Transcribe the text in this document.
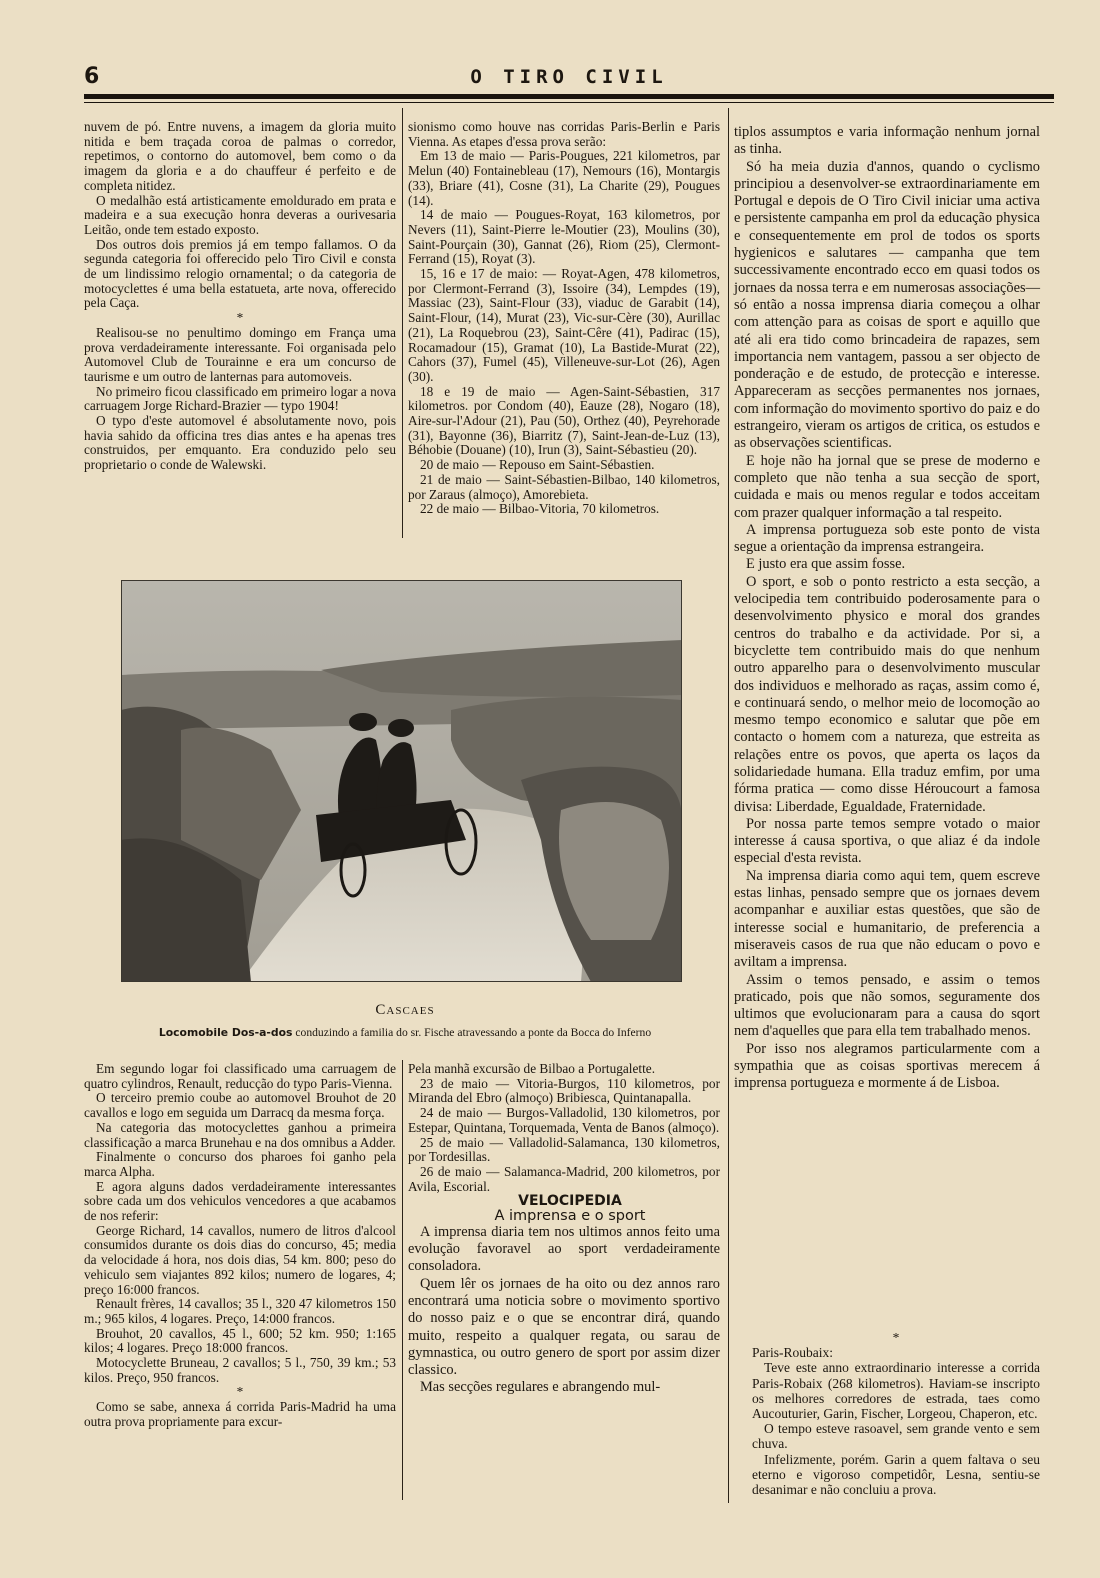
6	O TIRO CIVIL

nuvem de pó. Entre nuvens, a imagem da gloria muito nitida e bem traçada coroa de palmas o corredor, repetimos, o contorno do automovel, bem como o da imagem da gloria e a do chauffeur é perfeito e de completa nitidez.

O medalhão está artisticamente emoldurado em prata e madeira e a sua execução honra deveras a ourivesaria Leitão, onde tem estado exposto.

Dos outros dois premios já em tempo fallamos. O da segunda categoria foi offerecido pelo Tiro Civil e consta de um lindissimo relogio ornamental; o da categoria de motocyclettes é uma bella estatueta, arte nova, offerecido pela Caça.

*

Realisou-se no penultimo domingo em França uma prova verdadeiramente interessante. Foi organisada pelo Automovel Club de Tourainne e era um concurso de taurisme e um outro de lanternas para automoveis.

No primeiro ficou classificado em primeiro logar a nova carruagem Jorge Richard-Brazier — typo 1904!

O typo d'este automovel é absolutamente novo, pois havia sahido da officina tres dias antes e ha apenas tres construidos, per emquanto. Era conduzido pelo seu proprietario o conde de Walewski.

sionismo como houve nas corridas Paris-Berlin e Paris Vienna. As etapes d'essa prova serão:

Em 13 de maio — Paris-Pougues, 221 kilometros, par Melun (40) Fontainebleau (17), Nemours (16), Montargis (33), Briare (41), Cosne (31), La Charite (29), Pougues (14).

14 de maio — Pougues-Royat, 163 kilometros, por Nevers (11), Saint-Pierre le-Moutier (23), Moulins (30), Saint-Pourçain (30), Gannat (26), Riom (25), Clermont-Ferrand (15), Royat (3).

15, 16 e 17 de maio: — Royat-Agen, 478 kilometros, por Clermont-Ferrand (3), Issoire (34), Lempdes (19), Massiac (23), Saint-Flour (33), viaduc de Garabit (14), Saint-Flour, (14), Murat (23), Vic-sur-Cère (30), Aurillac (21), La Roquebrou (23), Saint-Cêre (41), Padirac (15), Rocamadour (15), Gramat (10), La Bastide-Murat (22), Cahors (37), Fumel (45), Villeneuve-sur-Lot (26), Agen (30).

18 e 19 de maio — Agen-Saint-Sébastien, 317 kilometros. por Condom (40), Eauze (28), Nogaro (18), Aire-sur-l'Adour (21), Pau (50), Orthez (40), Peyrehorade (31), Bayonne (36), Biarritz (7), Saint-Jean-de-Luz (13), Béhobie (Douane) (10), Irun (3), Saint-Sébastieu (20).

20 de maio — Repouso em Saint-Sébastien.

21 de maio — Saint-Sébastien-Bilbao, 140 kilometros, por Zaraus (almoço), Amorebieta.

22 de maio — Bilbao-Vitoria, 70 kilometros.

tiplos assumptos e varia informação nenhum jornal as tinha.

Só ha meia duzia d'annos, quando o cyclismo principiou a desenvolver-se extraordinariamente em Portugal e depois de O Tiro Civil iniciar uma activa e persistente campanha em prol da educação physica e consequentemente em prol de todos os sports hygienicos e salutares — campanha que tem successivamente encontrado ecco em quasi todos os jornaes da nossa terra e em numerosas associações—só então a nossa imprensa diaria começou a olhar com attenção para as coisas de sport e aquillo que até ali era tido como brincadeira de rapazes, sem importancia nem vantagem, passou a ser objecto de ponderação e de estudo, de protecção e interesse. Appareceram as secções permanentes nos jornaes, com informação do movimento sportivo do paiz e do estrangeiro, vieram os artigos de critica, os estudos e as observações scientificas.

E hoje não ha jornal que se prese de moderno e completo que não tenha a sua secção de sport, cuidada e mais ou menos regular e todos acceitam com prazer qualquer informação a tal respeito.

A imprensa portugueza sob este ponto de vista segue a orientação da imprensa estrangeira.

E justo era que assim fosse.

O sport, e sob o ponto restricto a esta secção, a velocipedia tem contribuido poderosamente para o desenvolvimento physico e moral dos grandes centros do trabalho e da actividade. Por si, a bicyclette tem contribuido mais do que nenhum outro apparelho para o desenvolvimento muscular dos individuos e melhorado as raças, assim como é, e continuará sendo, o melhor meio de locomoção ao mesmo tempo economico e salutar que põe em contacto o homem com a natureza, que estreita as relações entre os povos, que aperta os laços da solidariedade humana. Ella traduz emfim, por uma fórma pratica — como disse Héroucourt a famosa divisa: Liberdade, Egualdade, Fraternidade.

Por nossa parte temos sempre votado o maior interesse á causa sportiva, o que aliaz é da indole especial d'esta revista.

Na imprensa diaria como aqui tem, quem escreve estas linhas, pensado sempre que os jornaes devem acompanhar e auxiliar estas questões, que são de interesse social e humanitario, de preferencia a miseraveis casos de rua que não educam o povo e aviltam a imprensa.

Assim o temos pensado, e assim o temos praticado, pois que não somos, seguramente dos ultimos que evolucionaram para a causa do sqort nem d'aquelles que para ella tem trabalhado menos.

Por isso nos alegramos particularmente com a sympathia que as coisas sportivas merecem á imprensa portugueza e mormente á de Lisboa.

*

Paris-Roubaix:

Teve este anno extraordinario interesse a corrida Paris-Robaix (268 kilometros). Haviam-se inscripto os melhores corredores de estrada, taes como Aucouturier, Garin, Fischer, Lorgeou, Chaperon, etc.

O tempo esteve rasoavel, sem grande vento e sem chuva.

Infelizmente, porém. Garin a quem faltava o seu eterno e vigoroso competidôr, Lesna, sentiu-se desanimar e não concluiu a prova.

Cascaes
Locomobile Dos-a-dos conduzindo a familia do sr. Fische atravessando a ponte da Bocca do Inferno

Em segundo logar foi classificado uma carruagem de quatro cylindros, Renault, reducção do typo Paris-Vienna.

O terceiro premio coube ao automovel Brouhot de 20 cavallos e logo em seguida um Darracq da mesma força.

Na categoria das motocyclettes ganhou a primeira classificação a marca Brunehau e na dos omnibus a Adder.

Finalmente o concurso dos pharoes foi ganho pela marca Alpha.

E agora alguns dados verdadeiramente interessantes sobre cada um dos vehiculos vencedores a que acabamos de nos referir:

George Richard, 14 cavallos, numero de litros d'alcool consumidos durante os dois dias do concurso, 45; media da velocidade á hora, nos dois dias, 54 km. 800; peso do vehiculo sem viajantes 892 kilos; numero de logares, 4; preço 16:000 francos.

Renault frères, 14 cavallos; 35 l., 320 47 kilometros 150 m.; 965 kilos, 4 logares. Preço, 14:000 francos.

Brouhot, 20 cavallos, 45 l., 600; 52 km. 950; 1:165 kilos; 4 logares. Preço 18:000 francos.

Motocyclette Bruneau, 2 cavallos; 5 l., 750, 39 km.; 53 kilos. Preço, 950 francos.

*

Como se sabe, annexa á corrida Paris-Madrid ha uma outra prova propriamente para excur-

Pela manhã excursão de Bilbao a Portugalette.

23 de maio — Vitoria-Burgos, 110 kilometros, por Miranda del Ebro (almoço) Bribiesca, Quintanapalla.

24 de maio — Burgos-Valladolid, 130 kilometros, por Estepar, Quintana, Torquemada, Venta de Banos (almoço).

25 de maio — Valladolid-Salamanca, 130 kilometros, por Tordesillas.

26 de maio — Salamanca-Madrid, 200 kilometros, por Avila, Escorial.

VELOCIPEDIA

A imprensa e o sport

A imprensa diaria tem nos ultimos annos feito uma evolução favoravel ao sport verdadeiramente consoladora.

Quem lêr os jornaes de ha oito ou dez annos raro encontrará uma noticia sobre o movimento sportivo do nosso paiz e o que se encontrar dirá, quando muito, respeito a qualquer regata, ou sarau de gymnastica, ou outro genero de sport por assim dizer classico.

Mas secções regulares e abrangendo mul-
